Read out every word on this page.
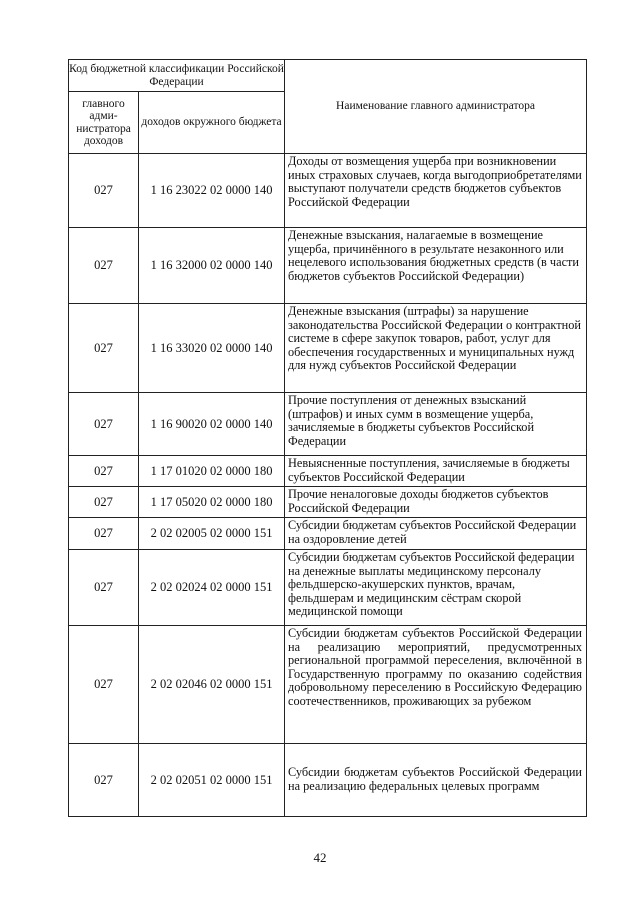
Код бюджетной классификации Российской Федерации		Наименование главного администратора
главного адми-нистратора доходов	доходов окружного бюджета	
027	1 16 23022 02 0000 140	Доходы от возмещения ущерба при возникновении иных страховых случаев, когда выгодоприобретателями выступают получатели средств бюджетов субъектов Российской Федерации
027	1 16 32000 02 0000 140	Денежные взыскания, налагаемые в возмещение ущерба, причинённого в результате незаконного или нецелевого использования бюджетных средств (в части бюджетов субъектов Российской Федерации)
027	1 16 33020 02 0000 140	Денежные взыскания (штрафы) за нарушение законодательства Российской Федерации о контрактной системе в сфере закупок товаров, работ, услуг для обеспечения государственных и муниципальных нужд для нужд субъектов Российской Федерации
027	1 16 90020 02 0000 140	Прочие поступления от денежных взысканий (штрафов) и иных сумм в возмещение ущерба, зачисляемые в бюджеты субъектов Российской Федерации
027	1 17 01020 02 0000 180	Невыясненные поступления, зачисляемые в бюджеты субъектов Российской Федерации
027	1 17 05020 02 0000 180	Прочие неналоговые доходы бюджетов субъектов Российской Федерации
027	2 02 02005 02 0000 151	Субсидии бюджетам субъектов Российской Федерации на оздоровление детей
027	2 02 02024 02 0000 151	Субсидии бюджетам субъектов Российской федерации на денежные выплаты медицинскому персоналу фельдшерско-акушерских пунктов, врачам, фельдшерам и медицинским сёстрам скорой медицинской помощи
027	2 02 02046 02 0000 151	Субсидии бюджетам субъектов Российской Федерации на реализацию мероприятий, предусмотренных региональной программой переселения, включённой в Государственную программу по оказанию содействия добровольному переселению в Российскую Федерацию соотечественников, проживающих за рубежом
027	2 02 02051 02 0000 151	Субсидии бюджетам субъектов Российской Федерации на реализацию федеральных целевых программ
42
